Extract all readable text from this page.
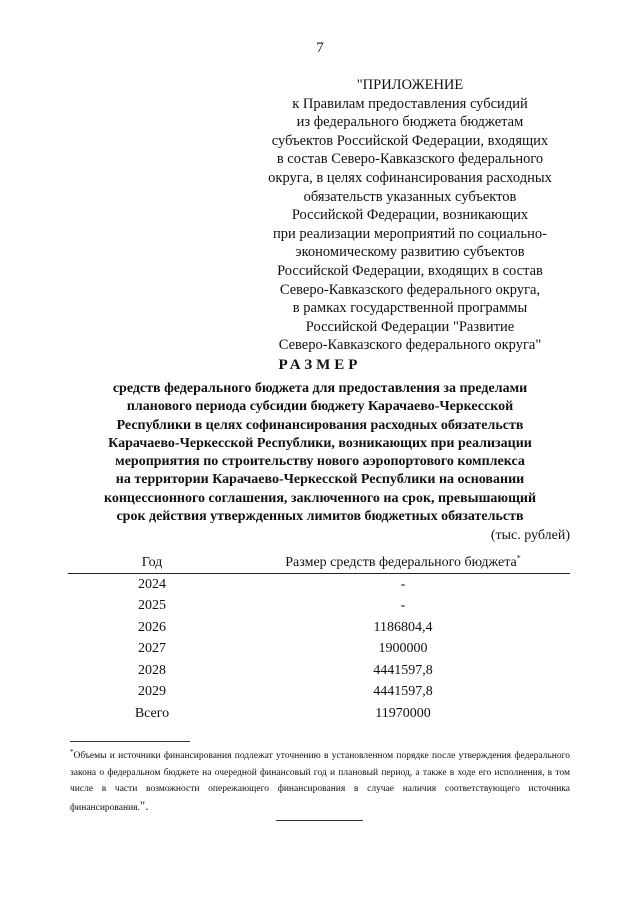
7
"ПРИЛОЖЕНИЕ
к Правилам предоставления субсидий
из федерального бюджета бюджетам
субъектов Российской Федерации, входящих
в состав Северо-Кавказского федерального
округа, в целях софинансирования расходных
обязательств указанных субъектов
Российской Федерации, возникающих
при реализации мероприятий по социально-
экономическому развитию субъектов
Российской Федерации, входящих в состав
Северо-Кавказского федерального округа,
в рамках государственной программы
Российской Федерации "Развитие
Северо-Кавказского федерального округа"
РАЗМЕР
средств федерального бюджета для предоставления за пределами
планового периода субсидии бюджету Карачаево-Черкесской
Республики в целях софинансирования расходных обязательств
Карачаево-Черкесской Республики, возникающих при реализации
мероприятия по строительству нового аэропортового комплекса
на территории Карачаево-Черкесской Республики на основании
концессионного соглашения, заключенного на срок, превышающий
срок действия утвержденных лимитов бюджетных обязательств
(тыс. рублей)
Год	Размер средств федерального бюджета*
2024	-
2025	-
2026	1186804,4
2027	1900000
2028	4441597,8
2029	4441597,8
Всего	11970000
*Объемы и источники финансирования подлежат уточнению в установленном порядке после утверждения федерального закона о федеральном бюджете на очередной финансовый год и плановый период, а также в ходе его исполнения, в том числе в части возможности опережающего финансирования в случае наличия соответствующего источника финансирования.".
